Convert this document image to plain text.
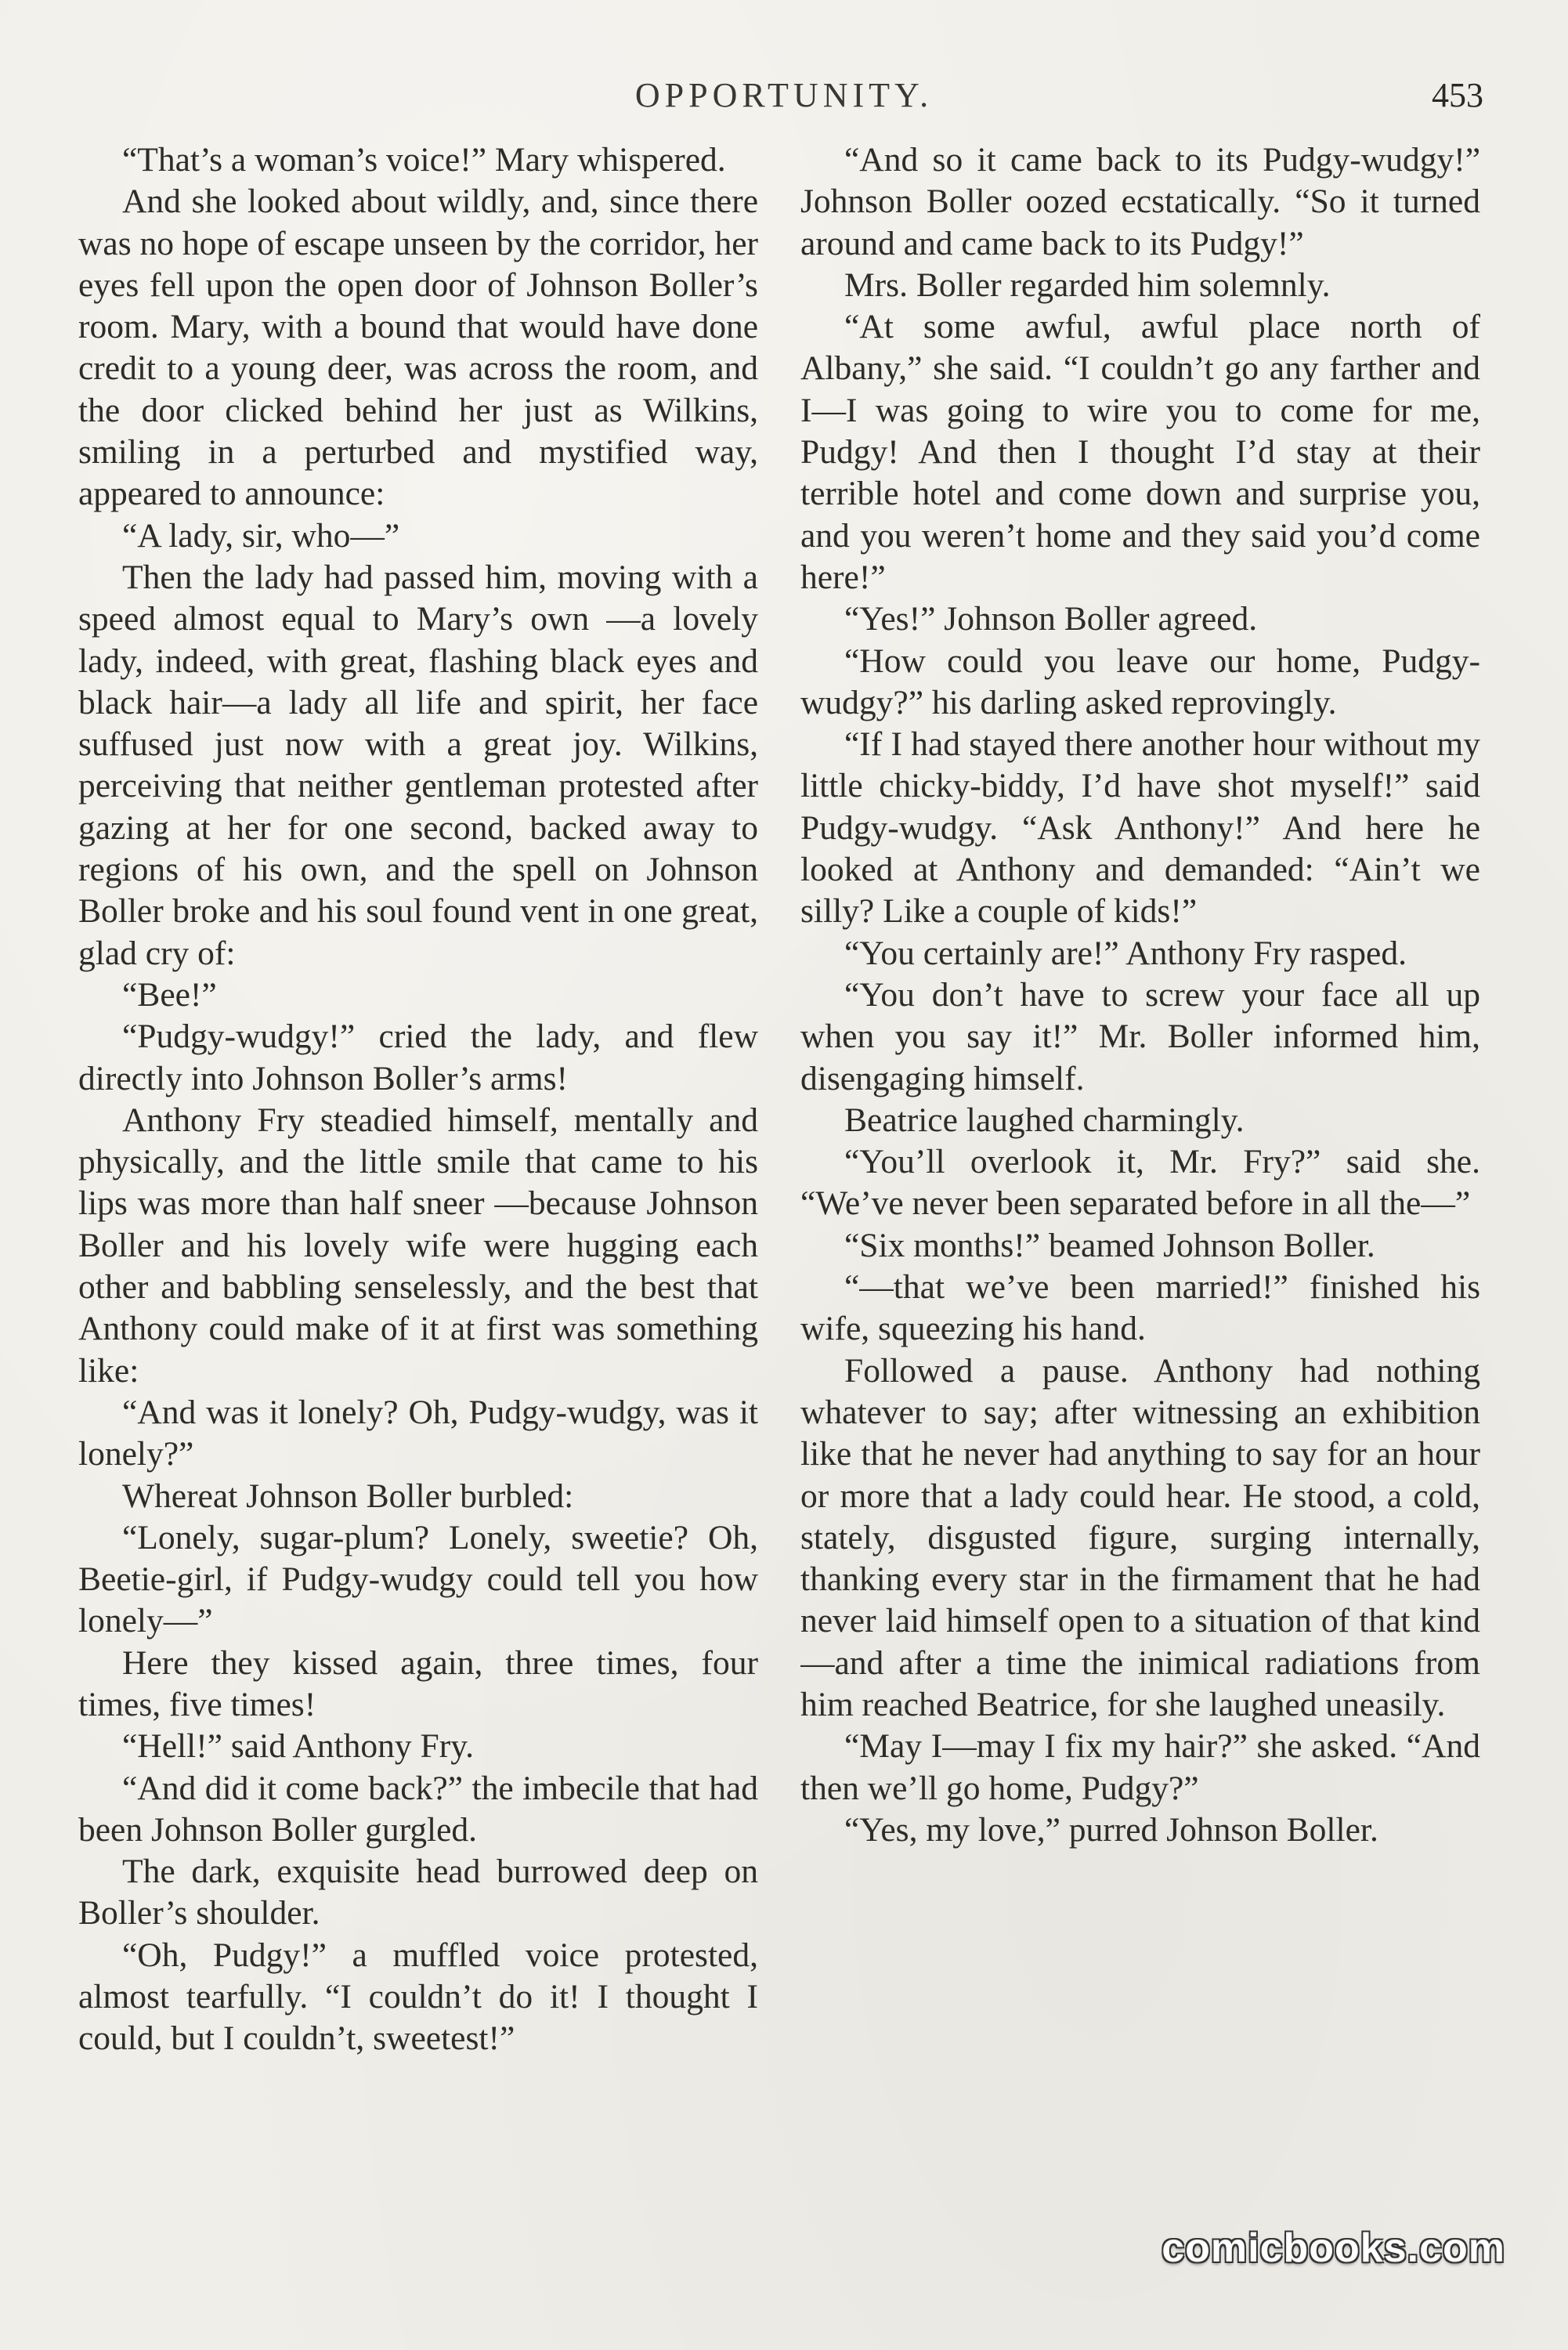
OPPORTUNITY.	453

“That’s a woman’s voice!” Mary whispered.

And she looked about wildly, and, since there was no hope of escape unseen by the corridor, her eyes fell upon the open door of Johnson Boller’s room. Mary, with a bound that would have done credit to a young deer, was across the room, and the door clicked behind her just as Wilkins, smiling in a perturbed and mystified way, appeared to announce:

“A lady, sir, who—”

Then the lady had passed him, moving with a speed almost equal to Mary’s own —a lovely lady, indeed, with great, flashing black eyes and black hair—a lady all life and spirit, her face suffused just now with a great joy. Wilkins, perceiving that neither gentleman protested after gazing at her for one second, backed away to regions of his own, and the spell on Johnson Boller broke and his soul found vent in one great, glad cry of:

“Bee!”

“Pudgy-wudgy!” cried the lady, and flew directly into Johnson Boller’s arms!

Anthony Fry steadied himself, mentally and physically, and the little smile that came to his lips was more than half sneer —because Johnson Boller and his lovely wife were hugging each other and babbling senselessly, and the best that Anthony could make of it at first was something like:

“And was it lonely? Oh, Pudgy-wudgy, was it lonely?”

Whereat Johnson Boller burbled:

“Lonely, sugar-plum? Lonely, sweetie? Oh, Beetie-girl, if Pudgy-wudgy could tell you how lonely—”

Here they kissed again, three times, four times, five times!

“Hell!” said Anthony Fry.

“And did it come back?” the imbecile that had been Johnson Boller gurgled.

The dark, exquisite head burrowed deep on Boller’s shoulder.

“Oh, Pudgy!” a muffled voice protested, almost tearfully. “I couldn’t do it! I thought I could, but I couldn’t, sweetest!”

“And so it came back to its Pudgy-wudgy!” Johnson Boller oozed ecstatically. “So it turned around and came back to its Pudgy!”

Mrs. Boller regarded him solemnly.

“At some awful, awful place north of Albany,” she said. “I couldn’t go any farther and I—I was going to wire you to come for me, Pudgy! And then I thought I’d stay at their terrible hotel and come down and surprise you, and you weren’t home and they said you’d come here!”

“Yes!” Johnson Boller agreed.

“How could you leave our home, Pudgy-wudgy?” his darling asked reprovingly.

“If I had stayed there another hour without my little chicky-biddy, I’d have shot myself!” said Pudgy-wudgy. “Ask Anthony!” And here he looked at Anthony and demanded: “Ain’t we silly? Like a couple of kids!”

“You certainly are!” Anthony Fry rasped.

“You don’t have to screw your face all up when you say it!” Mr. Boller informed him, disengaging himself.

Beatrice laughed charmingly.

“You’ll overlook it, Mr. Fry?” said she. “We’ve never been separated before in all the—”

“Six months!” beamed Johnson Boller.

“—that we’ve been married!” finished his wife, squeezing his hand.

Followed a pause. Anthony had nothing whatever to say; after witnessing an exhibition like that he never had anything to say for an hour or more that a lady could hear. He stood, a cold, stately, disgusted figure, surging internally, thanking every star in the firmament that he had never laid himself open to a situation of that kind—and after a time the inimical radiations from him reached Beatrice, for she laughed uneasily.

“May I—may I fix my hair?” she asked. “And then we’ll go home, Pudgy?”

“Yes, my love,” purred Johnson Boller.

comicbooks.com
